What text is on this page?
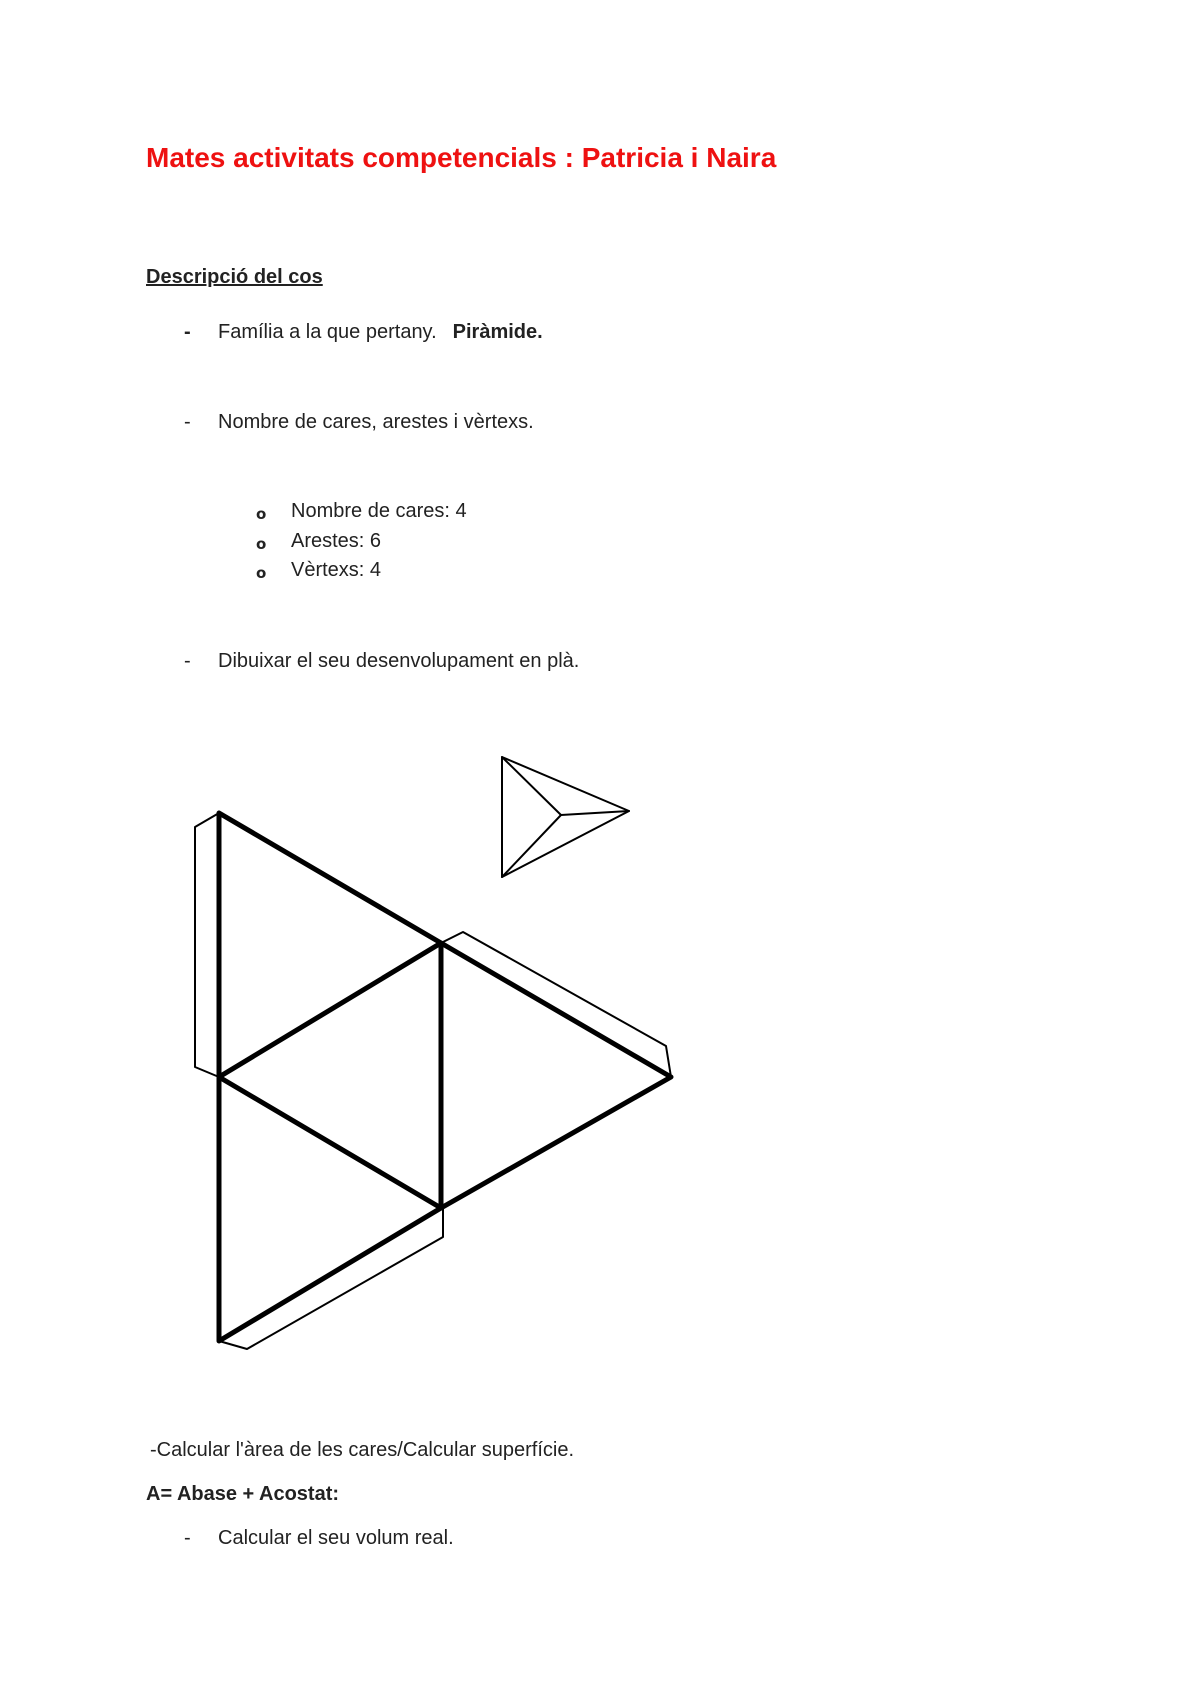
Mates activitats competencials : Patricia i Naira
Descripció del cos
- Família a la que pertany. Piràmide.
- Nombre de cares, arestes i vèrtexs.
o Nombre de cares: 4
o Arestes: 6
o Vèrtexs: 4
- Dibuixar el seu desenvolupament en plà.
-Calcular l'àrea de les cares/Calcular superfície.
A= Abase + Acostat:
- Calcular el seu volum real.
